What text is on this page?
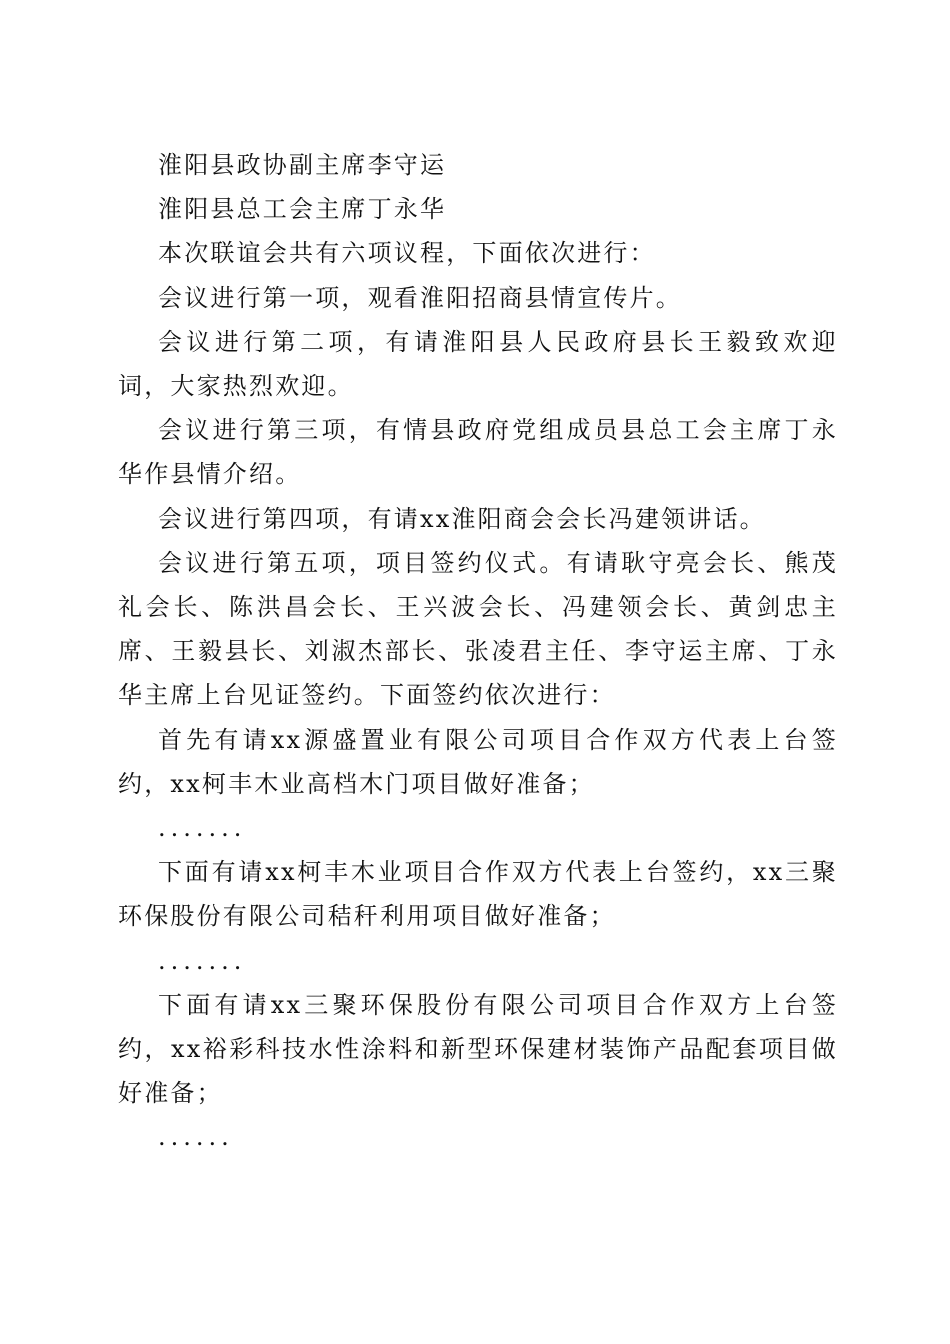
淮阳县政协副主席李守运

淮阳县总工会主席丁永华

本次联谊会共有六项议程，下面依次进行：

会议进行第一项，观看淮阳招商县情宣传片。

会议进行第二项，有请淮阳县人民政府县长王毅致欢迎词，大家热烈欢迎。

会议进行第三项，有情县政府党组成员县总工会主席丁永华作县情介绍。

会议进行第四项，有请xx淮阳商会会长冯建领讲话。

会议进行第五项，项目签约仪式。有请耿守亮会长、熊茂礼会长、陈洪昌会长、王兴波会长、冯建领会长、黄剑忠主席、王毅县长、刘淑杰部长、张凌君主任、李守运主席、丁永华主席上台见证签约。下面签约依次进行：

首先有请xx源盛置业有限公司项目合作双方代表上台签约，xx柯丰木业高档木门项目做好准备；

.......

下面有请xx柯丰木业项目合作双方代表上台签约，xx三聚环保股份有限公司秸秆利用项目做好准备；

.......

下面有请xx三聚环保股份有限公司项目合作双方上台签约，xx裕彩科技水性涂料和新型环保建材装饰产品配套项目做好准备；

......
